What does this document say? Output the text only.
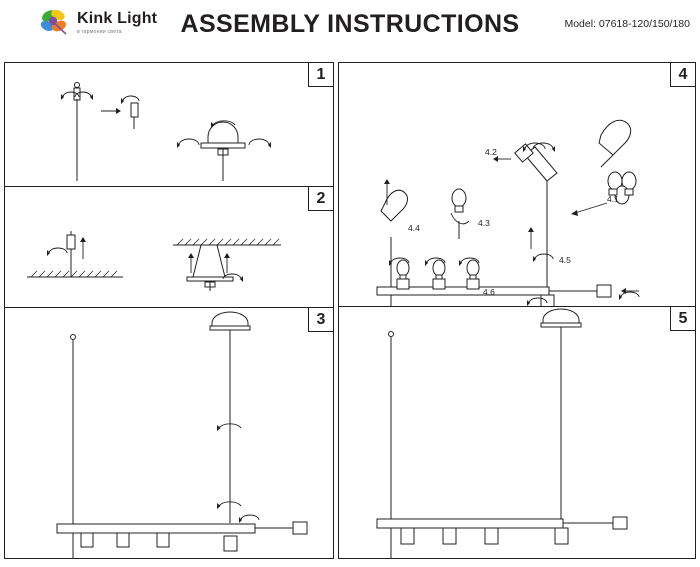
Kink Light
в гармонии света	ASSEMBLY INSTRUCTIONS	Model: 07618-120/150/180
1
2
3
4
4.1
4.2
4.3
4.4
4.5
4.6
5
